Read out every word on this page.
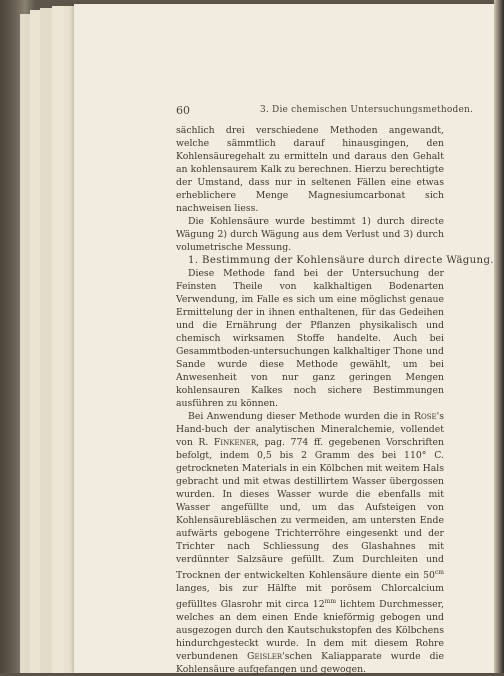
60	3. Die chemischen Untersuchungsmethoden.

sächlich drei verschiedene Methoden angewandt, welche sämmtlich darauf hinausgingen, den Kohlensäuregehalt zu ermitteln und daraus den Gehalt an kohlensaurem Kalk zu berechnen. Hierzu berechtigte der Umstand, dass nur in seltenen Fällen eine etwas erheblichere Menge Magnesiumcarbonat sich nachweisen liess.

Die Kohlensäure wurde bestimmt 1) durch directe Wägung 2) durch Wägung aus dem Verlust und 3) durch volumetrische Messung.

1. Bestimmung der Kohlensäure durch directe Wägung.

Diese Methode fand bei der Untersuchung der Feinsten Theile von kalkhaltigen Bodenarten Verwendung, im Falle es sich um eine möglichst genaue Ermittelung der in ihnen enthaltenen, für das Gedeihen und die Ernährung der Pflanzen physikalisch und chemisch wirksamen Stoffe handelte. Auch bei Gesammtboden-untersuchungen kalkhaltiger Thone und Sande wurde diese Methode gewählt, um bei Anwesenheit von nur ganz geringen Mengen kohlensauren Kalkes noch sichere Bestimmungen ausführen zu können.

Bei Anwendung dieser Methode wurden die in Rose's Hand-buch der analytischen Mineralchemie, vollendet von R. Finkener, pag. 774 ff. gegebenen Vorschriften befolgt, indem 0,5 bis 2 Gramm des bei 110° C. getrockneten Materials in ein Kölbchen mit weitem Hals gebracht und mit etwas destillirtem Wasser übergossen wurden. In dieses Wasser wurde die ebenfalls mit Wasser angefüllte und, um das Aufsteigen von Kohlensäurebläschen zu vermeiden, am untersten Ende aufwärts gebogene Trichterröhre eingesenkt und der Trichter nach Schliessung des Glashahnes mit verdünnter Salzsäure gefüllt. Zum Durchleiten und Trocknen der entwickelten Kohlensäure diente ein $50^{cm}$ langes, bis zur Hälfte mit porösem Chlorcalcium gefülltes Glasrohr mit circa $12^{mm}$ lichtem Durchmesser, welches an dem einen Ende knieförmig gebogen und ausgezogen durch den Kautschukstopfen des Kölbchens hindurchgesteckt wurde. In dem mit diesem Rohre verbundenen Geisler'schen Kaliapparate wurde die Kohlensäure aufgefangen und gewogen.
